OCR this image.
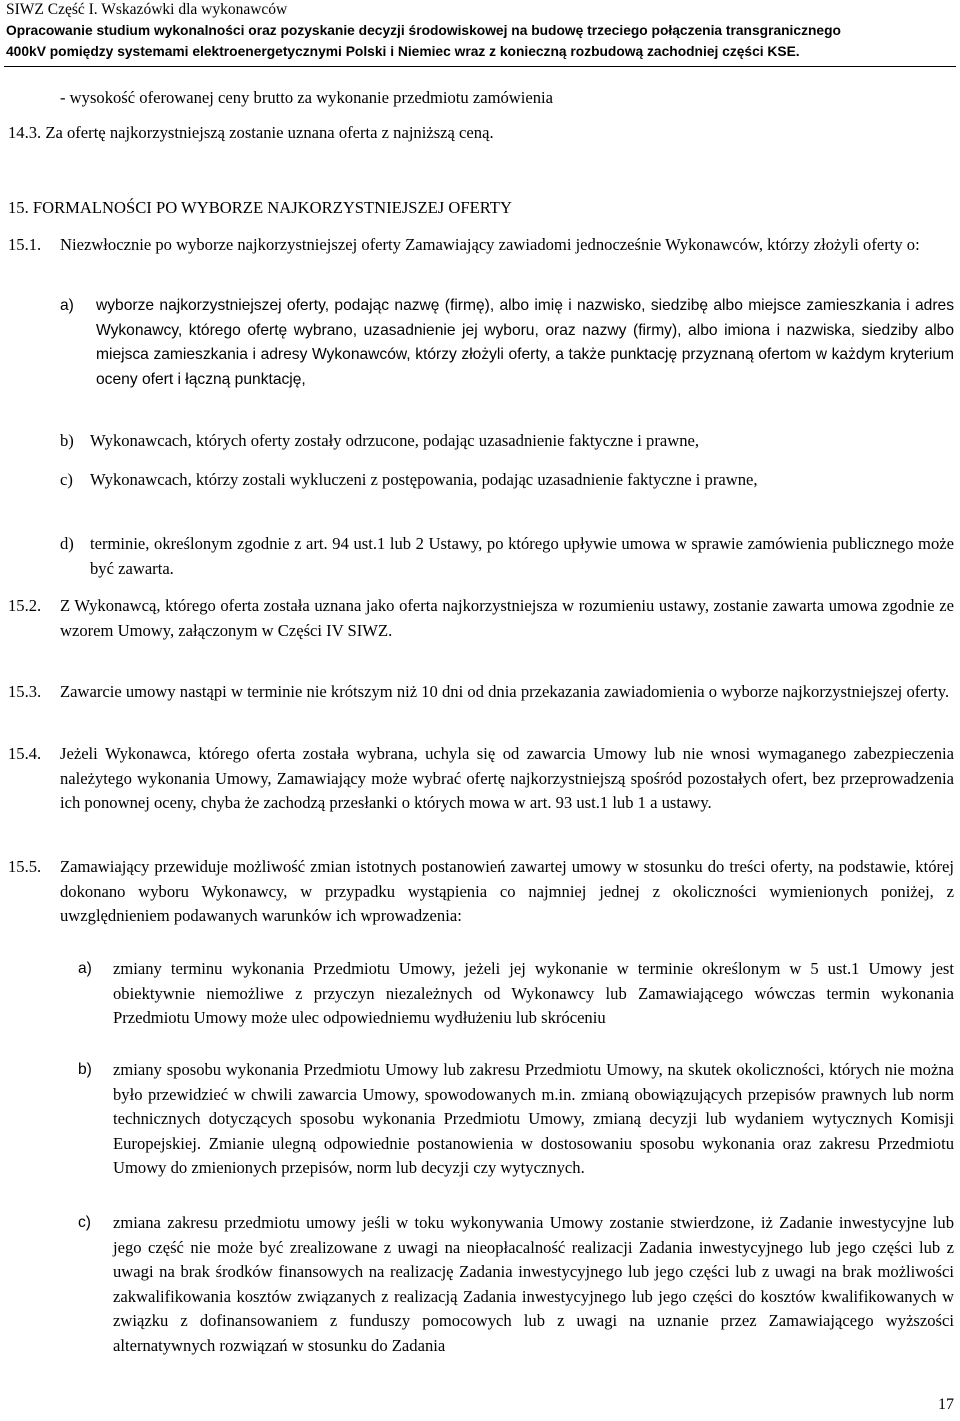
SIWZ Część I. Wskazówki dla wykonawców
Opracowanie studium wykonalności oraz pozyskanie decyzji środowiskowej na budowę trzeciego połączenia transgranicznego
400kV pomiędzy systemami elektroenergetycznymi Polski i Niemiec wraz z konieczną rozbudową zachodniej części KSE.
- wysokość oferowanej ceny brutto za wykonanie przedmiotu zamówienia
14.3. Za ofertę najkorzystniejszą zostanie uznana oferta z najniższą ceną.
15. FORMALNOŚCI PO WYBORZE NAJKORZYSTNIEJSZEJ OFERTY
15.1. Niezwłocznie po wyborze najkorzystniejszej oferty Zamawiający zawiadomi jednocześnie Wykonawców, którzy złożyli oferty o:
a) wyborze najkorzystniejszej oferty, podając nazwę (firmę), albo imię i nazwisko, siedzibę albo miejsce zamieszkania i adres Wykonawcy, którego ofertę wybrano, uzasadnienie jej wyboru, oraz nazwy (firmy), albo imiona i nazwiska, siedziby albo miejsca zamieszkania i adresy Wykonawców, którzy złożyli oferty, a także punktację przyznaną ofertom w każdym kryterium oceny ofert i łączną punktację,
b) Wykonawcach, których oferty zostały odrzucone, podając uzasadnienie faktyczne i prawne,
c) Wykonawcach, którzy zostali wykluczeni z postępowania, podając uzasadnienie faktyczne i prawne,
d) terminie, określonym zgodnie z art. 94 ust.1 lub 2 Ustawy, po którego upływie umowa w sprawie zamówienia publicznego może być zawarta.
15.2. Z Wykonawcą, którego oferta została uznana jako oferta najkorzystniejsza w rozumieniu ustawy, zostanie zawarta umowa zgodnie ze wzorem Umowy, załączonym w Części IV SIWZ.
15.3. Zawarcie umowy nastąpi w terminie nie krótszym niż 10 dni od dnia przekazania zawiadomienia o wyborze najkorzystniejszej oferty.
15.4. Jeżeli Wykonawca, którego oferta została wybrana, uchyla się od zawarcia Umowy lub nie wnosi wymaganego zabezpieczenia należytego wykonania Umowy, Zamawiający może wybrać ofertę najkorzystniejszą spośród pozostałych ofert, bez przeprowadzenia ich ponownej oceny, chyba że zachodzą przesłanki o których mowa w art. 93 ust.1 lub 1 a ustawy.
15.5. Zamawiający przewiduje możliwość zmian istotnych postanowień zawartej umowy w stosunku do treści oferty, na podstawie, której dokonano wyboru Wykonawcy, w przypadku wystąpienia co najmniej jednej z okoliczności wymienionych poniżej, z uwzględnieniem podawanych warunków ich wprowadzenia:
a) zmiany terminu wykonania Przedmiotu Umowy, jeżeli jej wykonanie w terminie określonym w 5 ust.1 Umowy jest obiektywnie niemożliwe z przyczyn niezależnych od Wykonawcy lub Zamawiającego wówczas termin wykonania Przedmiotu Umowy może ulec odpowiedniemu wydłużeniu lub skróceniu
b) zmiany sposobu wykonania Przedmiotu Umowy lub zakresu Przedmiotu Umowy, na skutek okoliczności, których nie można było przewidzieć w chwili zawarcia Umowy, spowodowanych m.in. zmianą obowiązujących przepisów prawnych lub norm technicznych dotyczących sposobu wykonania Przedmiotu Umowy, zmianą decyzji lub wydaniem wytycznych Komisji Europejskiej. Zmianie ulegną odpowiednie postanowienia w dostosowaniu sposobu wykonania oraz zakresu Przedmiotu Umowy do zmienionych przepisów, norm lub decyzji czy wytycznych.
c) zmiana zakresu przedmiotu umowy jeśli w toku wykonywania Umowy zostanie stwierdzone, iż Zadanie inwestycyjne lub jego część nie może być zrealizowane z uwagi na nieopłacalność realizacji Zadania inwestycyjnego lub jego części lub z uwagi na brak środków finansowych na realizację Zadania inwestycyjnego lub jego części lub z uwagi na brak możliwości zakwalifikowania kosztów związanych z realizacją Zadania inwestycyjnego lub jego części do kosztów kwalifikowanych w związku z dofinansowaniem z funduszy pomocowych lub z uwagi na uznanie przez Zamawiającego wyższości alternatywnych rozwiązań w stosunku do Zadania
17
